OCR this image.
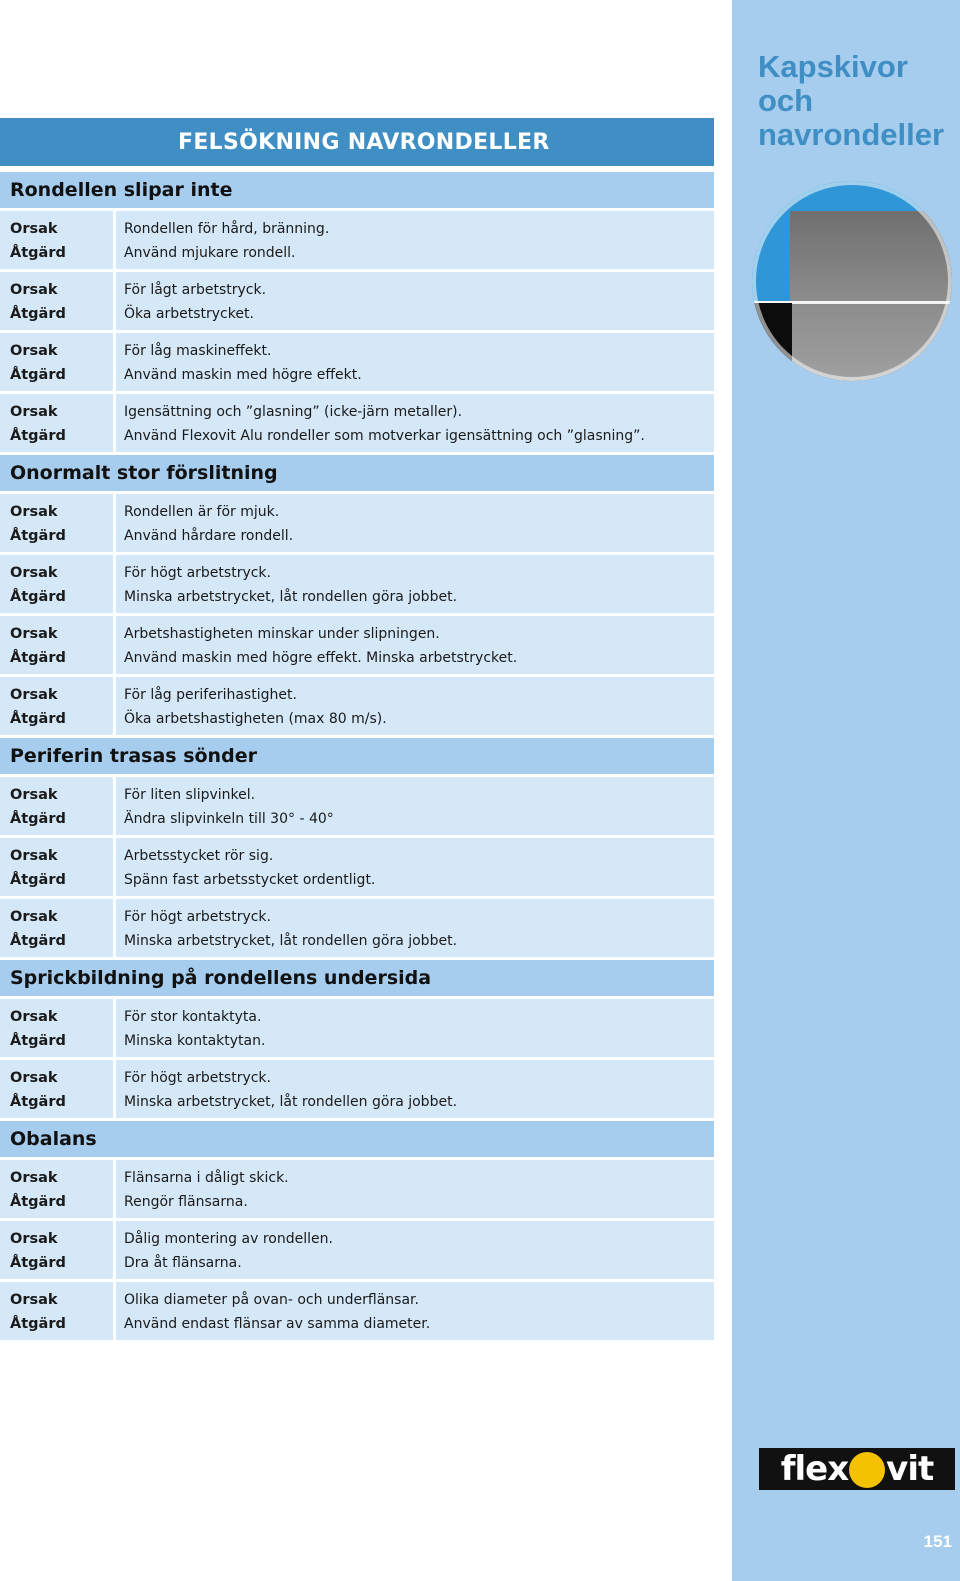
Kapskivor
och
navrondeller
flex vit
151
FELSÖKNING NAVRONDELLER
Rondellen slipar inte
Orsak
Åtgärd
Rondellen för hård, bränning.
Använd mjukare rondell.
Orsak
Åtgärd
För lågt arbetstryck.
Öka arbetstrycket.
Orsak
Åtgärd
För låg maskineffekt.
Använd maskin med högre effekt.
Orsak
Åtgärd
Igensättning och ”glasning” (icke-järn metaller).
Använd Flexovit Alu rondeller som motverkar igensättning och ”glasning”.
Onormalt stor förslitning
Orsak
Åtgärd
Rondellen är för mjuk.
Använd hårdare rondell.
Orsak
Åtgärd
För högt arbetstryck.
Minska arbetstrycket, låt rondellen göra jobbet.
Orsak
Åtgärd
Arbetshastigheten minskar under slipningen.
Använd maskin med högre effekt. Minska arbetstrycket.
Orsak
Åtgärd
För låg periferihastighet.
Öka arbetshastigheten (max 80 m/s).
Periferin trasas sönder
Orsak
Åtgärd
För liten slipvinkel.
Ändra slipvinkeln till 30° - 40°
Orsak
Åtgärd
Arbetsstycket rör sig.
Spänn fast arbetsstycket ordentligt.
Orsak
Åtgärd
För högt arbetstryck.
Minska arbetstrycket, låt rondellen göra jobbet.
Sprickbildning på rondellens undersida
Orsak
Åtgärd
För stor kontaktyta.
Minska kontaktytan.
Orsak
Åtgärd
För högt arbetstryck.
Minska arbetstrycket, låt rondellen göra jobbet.
Obalans
Orsak
Åtgärd
Flänsarna i dåligt skick.
Rengör flänsarna.
Orsak
Åtgärd
Dålig montering av rondellen.
Dra åt flänsarna.
Orsak
Åtgärd
Olika diameter på ovan- och underflänsar.
Använd endast flänsar av samma diameter.
